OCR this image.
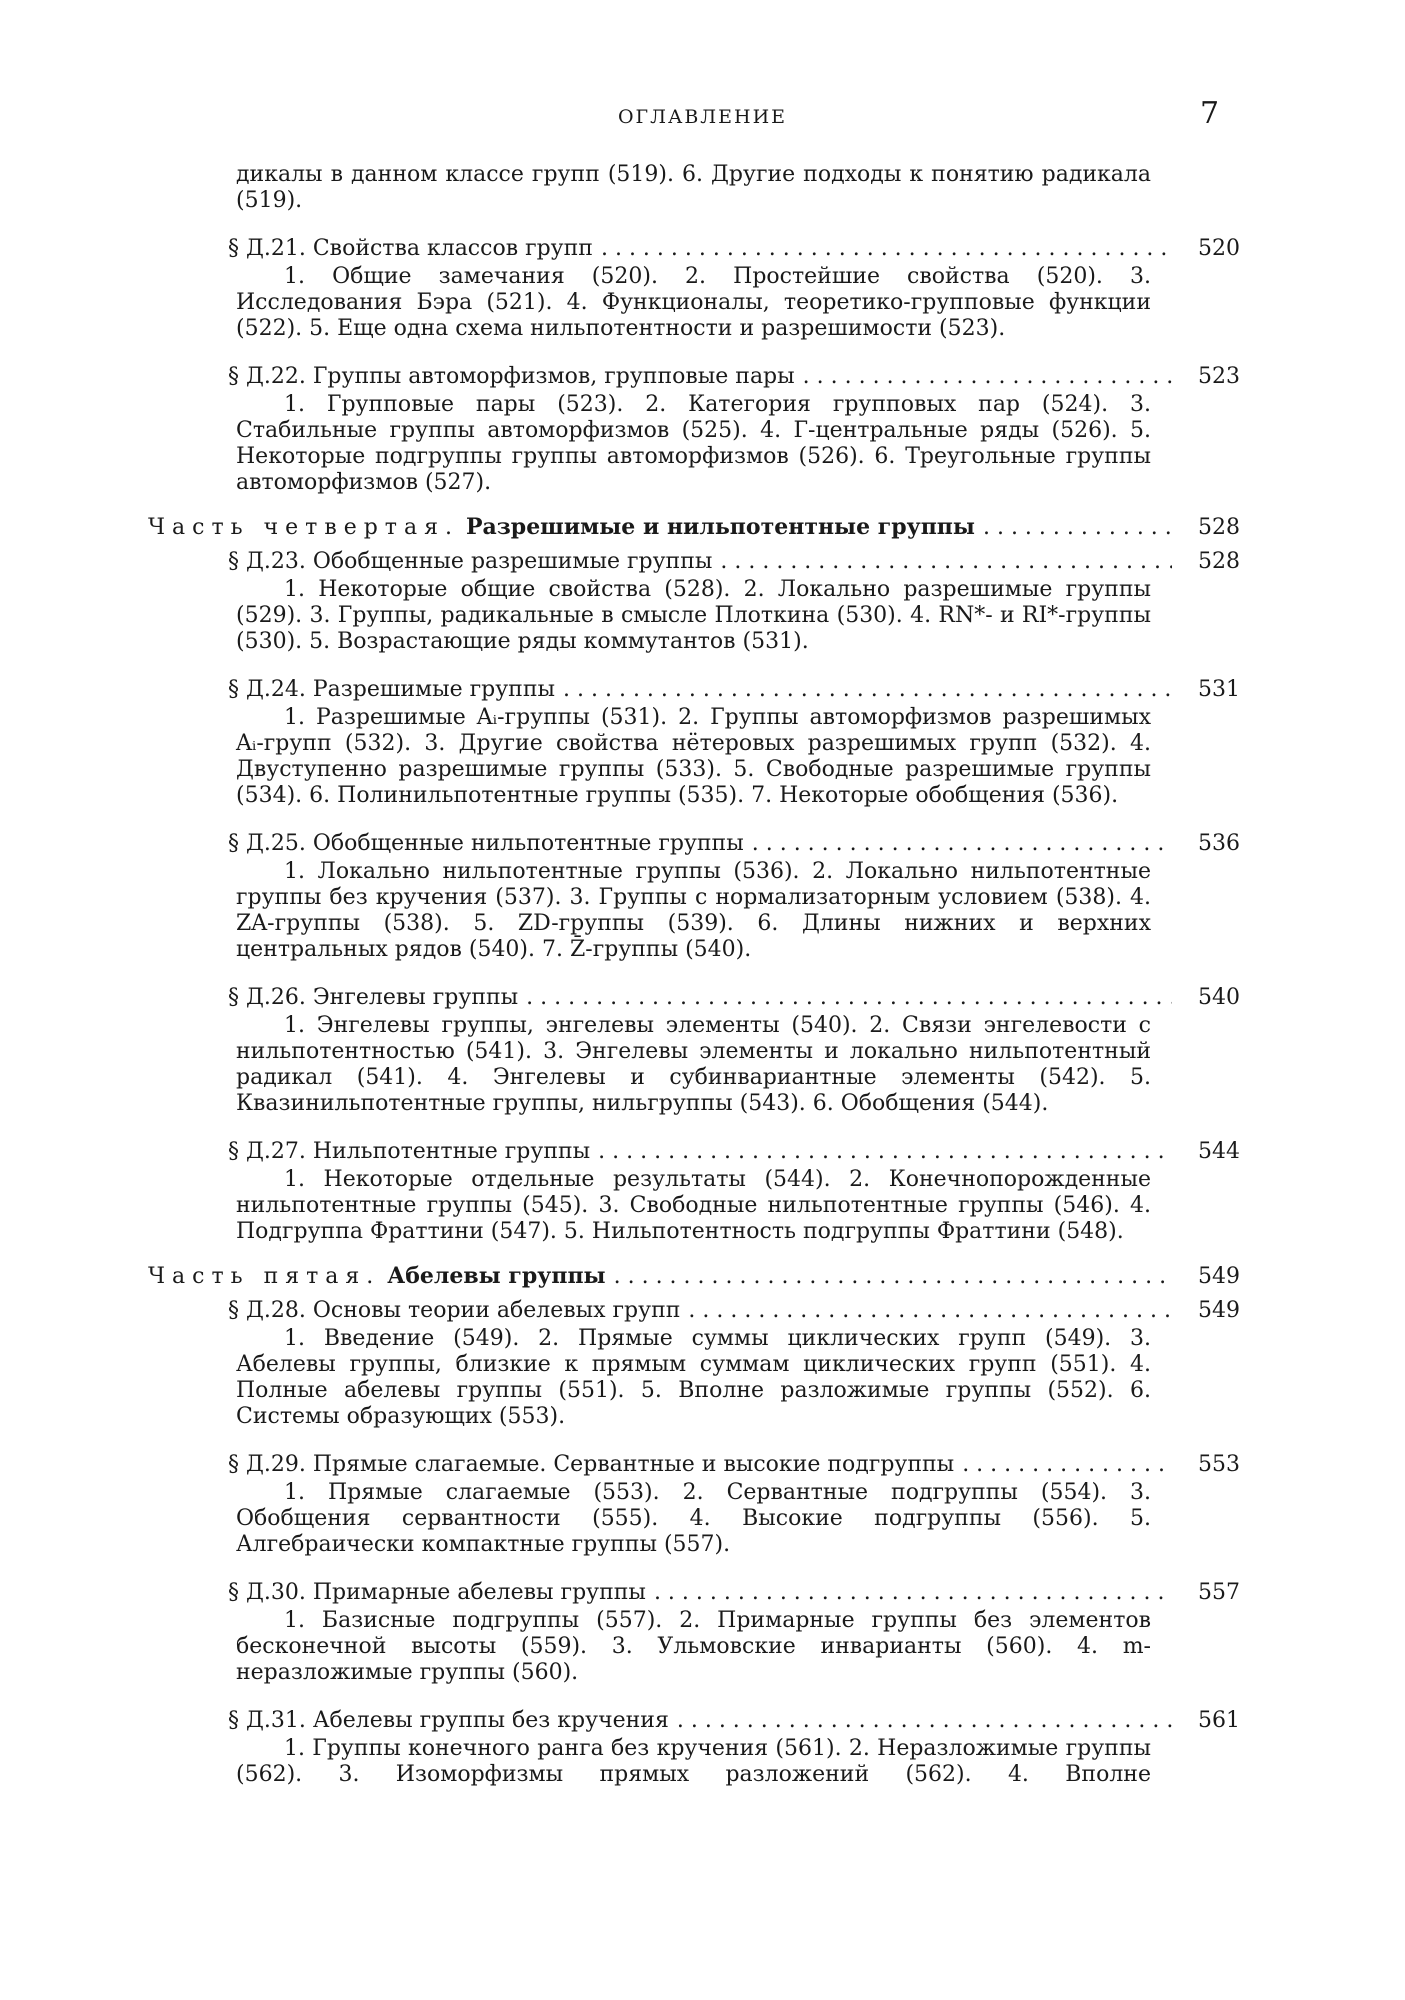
ОГЛАВЛЕНИЕ	7
дикалы в данном классе групп (519). 6. Другие подходы к понятию радикала (519).
§ Д.21. Свойства классов групп . . .	520
1. Общие замечания (520). 2. Простейшие свойства (520). 3. Исследования Бэра (521). 4. Функционалы, теоретико-групповые функции (522). 5. Еще одна схема нильпотентности и разрешимости (523).
§ Д.22. Группы автоморфизмов, групповые пары . . .	523
1. Групповые пары (523). 2. Категория групповых пар (524). 3. Стабильные группы автоморфизмов (525). 4. Г-центральные ряды (526). 5. Некоторые подгруппы группы автоморфизмов (526). 6. Треугольные группы автоморфизмов (527).
Часть четвертая. Разрешимые и нильпотентные группы . . .	528
§ Д.23. Обобщенные разрешимые группы . . .	528
1. Некоторые общие свойства (528). 2. Локально разрешимые группы (529). 3. Группы, радикальные в смысле Плоткина (530). 4. RN*- и RI*-группы (530). 5. Возрастающие ряды коммутантов (531).
§ Д.24. Разрешимые группы . . .	531
1. Разрешимые Aᵢ-группы (531). 2. Группы автоморфизмов разрешимых Aᵢ-групп (532). 3. Другие свойства нётеровых разрешимых групп (532). 4. Двуступенно разрешимые группы (533). 5. Свободные разрешимые группы (534). 6. Полинильпотентные группы (535). 7. Некоторые обобщения (536).
§ Д.25. Обобщенные нильпотентные группы . . .	536
1. Локально нильпотентные группы (536). 2. Локально нильпотентные группы без кручения (537). 3. Группы с нормализаторным условием (538). 4. ZA-группы (538). 5. ZD-группы (539). 6. Длины нижних и верхних центральных рядов (540). 7. Z̄-группы (540).
§ Д.26. Энгелевы группы . . .	540
1. Энгелевы группы, энгелевы элементы (540). 2. Связи энгелевости с нильпотентностью (541). 3. Энгелевы элементы и локально нильпотентный радикал (541). 4. Энгелевы и субинвариантные элементы (542). 5. Квазинильпотентные группы, нильгруппы (543). 6. Обобщения (544).
§ Д.27. Нильпотентные группы . . .	544
1. Некоторые отдельные результаты (544). 2. Конечнопорожденные нильпотентные группы (545). 3. Свободные нильпотентные группы (546). 4. Подгруппа Фраттини (547). 5. Нильпотентность подгруппы Фраттини (548).
Часть пятая. Абелевы группы . . .	549
§ Д.28. Основы теории абелевых групп . . .	549
1. Введение (549). 2. Прямые суммы циклических групп (549). 3. Абелевы группы, близкие к прямым суммам циклических групп (551). 4. Полные абелевы группы (551). 5. Вполне разложимые группы (552). 6. Системы образующих (553).
§ Д.29. Прямые слагаемые. Сервантные и высокие подгруппы . . .	553
1. Прямые слагаемые (553). 2. Сервантные подгруппы (554). 3. Обобщения сервантности (555). 4. Высокие подгруппы (556). 5. Алгебраически компактные группы (557).
§ Д.30. Примарные абелевы группы . . .	557
1. Базисные подгруппы (557). 2. Примарные группы без элементов бесконечной высоты (559). 3. Ульмовские инварианты (560). 4. m-неразложимые группы (560).
§ Д.31. Абелевы группы без кручения . . .	561
1. Группы конечного ранга без кручения (561). 2. Неразложимые группы (562). 3. Изоморфизмы прямых разложений (562). 4. Вполне
